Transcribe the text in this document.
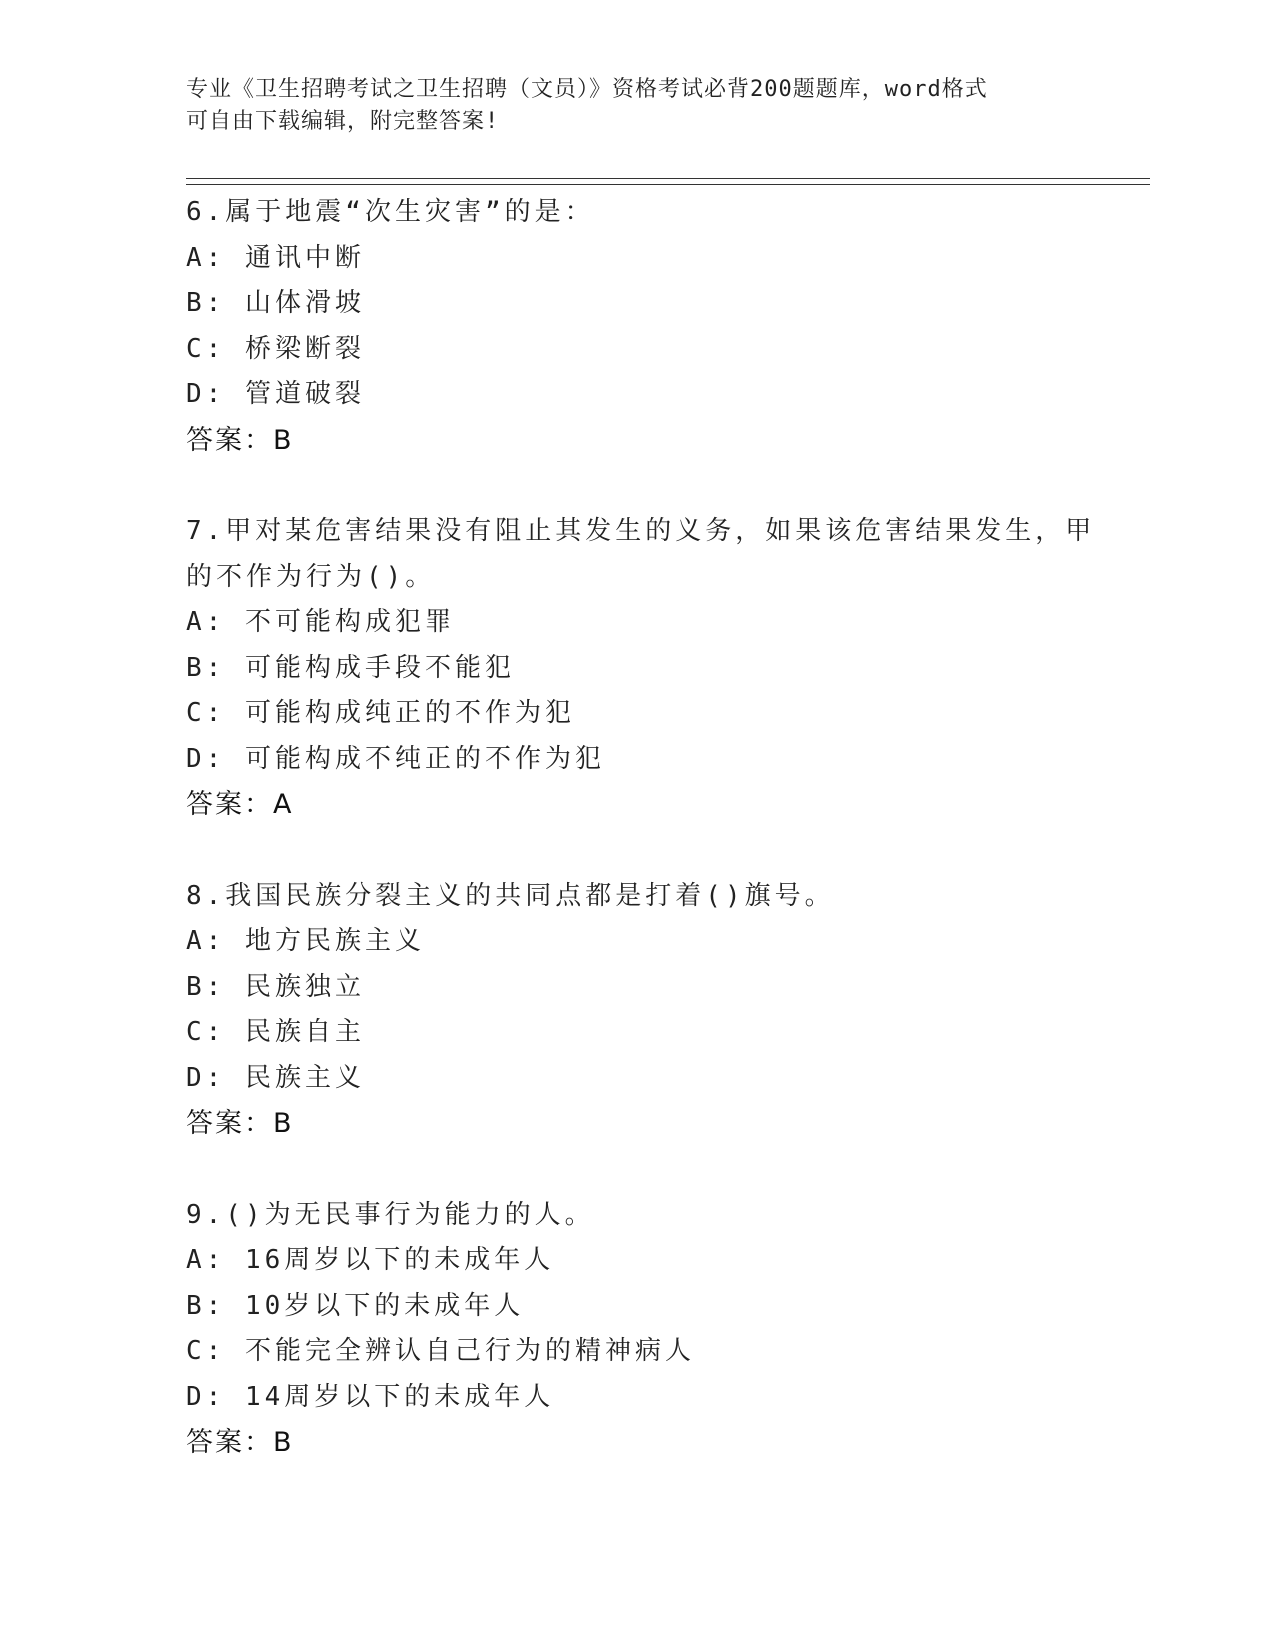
专业《卫生招聘考试之卫生招聘（文员）》资格考试必背200题题库，word格式
可自由下载编辑，附完整答案!
6.属于地震“次生灾害”的是：
A: 通讯中断
B: 山体滑坡
C: 桥梁断裂
D: 管道破裂
答案：B
7.甲对某危害结果没有阻止其发生的义务，如果该危害结果发生，甲
的不作为行为()。
A: 不可能构成犯罪
B: 可能构成手段不能犯
C: 可能构成纯正的不作为犯
D: 可能构成不纯正的不作为犯
答案：A
8.我国民族分裂主义的共同点都是打着()旗号。
A: 地方民族主义
B: 民族独立
C: 民族自主
D: 民族主义
答案：B
9.()为无民事行为能力的人。
A: 16周岁以下的未成年人
B: 10岁以下的未成年人
C: 不能完全辨认自己行为的精神病人
D: 14周岁以下的未成年人
答案：B
